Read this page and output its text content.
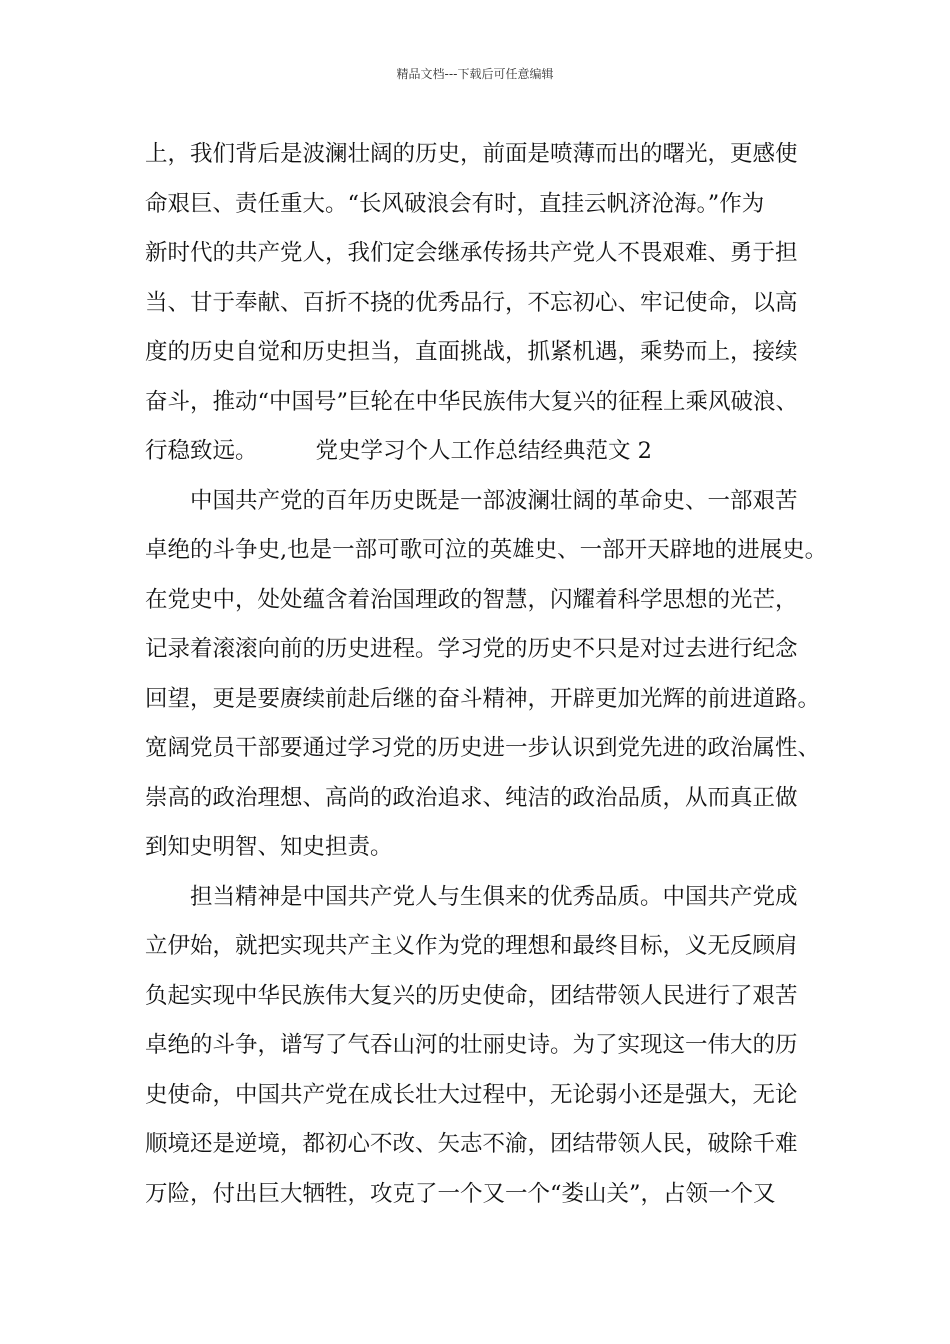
精品文档---下载后可任意编辑
上，我们背后是波澜壮阔的历史，前面是喷薄而出的曙光，更感使
命艰巨、责任重大。“长风破浪会有时，直挂云帆济沧海。”作为
新时代的共产党人，我们定会继承传扬共产党人不畏艰难、勇于担
当、甘于奉献、百折不挠的优秀品行，不忘初心、牢记使命，以高
度的历史自觉和历史担当，直面挑战，抓紧机遇，乘势而上，接续
奋斗，推动“中国号”巨轮在中华民族伟大复兴的征程上乘风破浪、
行稳致远。	党史学习个人工作总结经典范文 2
中国共产党的百年历史既是一部波澜壮阔的革命史、一部艰苦
卓绝的斗争史,也是一部可歌可泣的英雄史、一部开天辟地的进展史。
在党史中，处处蕴含着治国理政的智慧，闪耀着科学思想的光芒，
记录着滚滚向前的历史进程。学习党的历史不只是对过去进行纪念
回望，更是要赓续前赴后继的奋斗精神，开辟更加光辉的前进道路。
宽阔党员干部要通过学习党的历史进一步认识到党先进的政治属性、
崇高的政治理想、高尚的政治追求、纯洁的政治品质，从而真正做
到知史明智、知史担责。
担当精神是中国共产党人与生俱来的优秀品质。中国共产党成
立伊始，就把实现共产主义作为党的理想和最终目标，义无反顾肩
负起实现中华民族伟大复兴的历史使命，团结带领人民进行了艰苦
卓绝的斗争，谱写了气吞山河的壮丽史诗。为了实现这一伟大的历
史使命，中国共产党在成长壮大过程中，无论弱小还是强大，无论
顺境还是逆境，都初心不改、矢志不渝，团结带领人民，破除千难
万险，付出巨大牺牲，攻克了一个又一个“娄山关”，占领一个又
